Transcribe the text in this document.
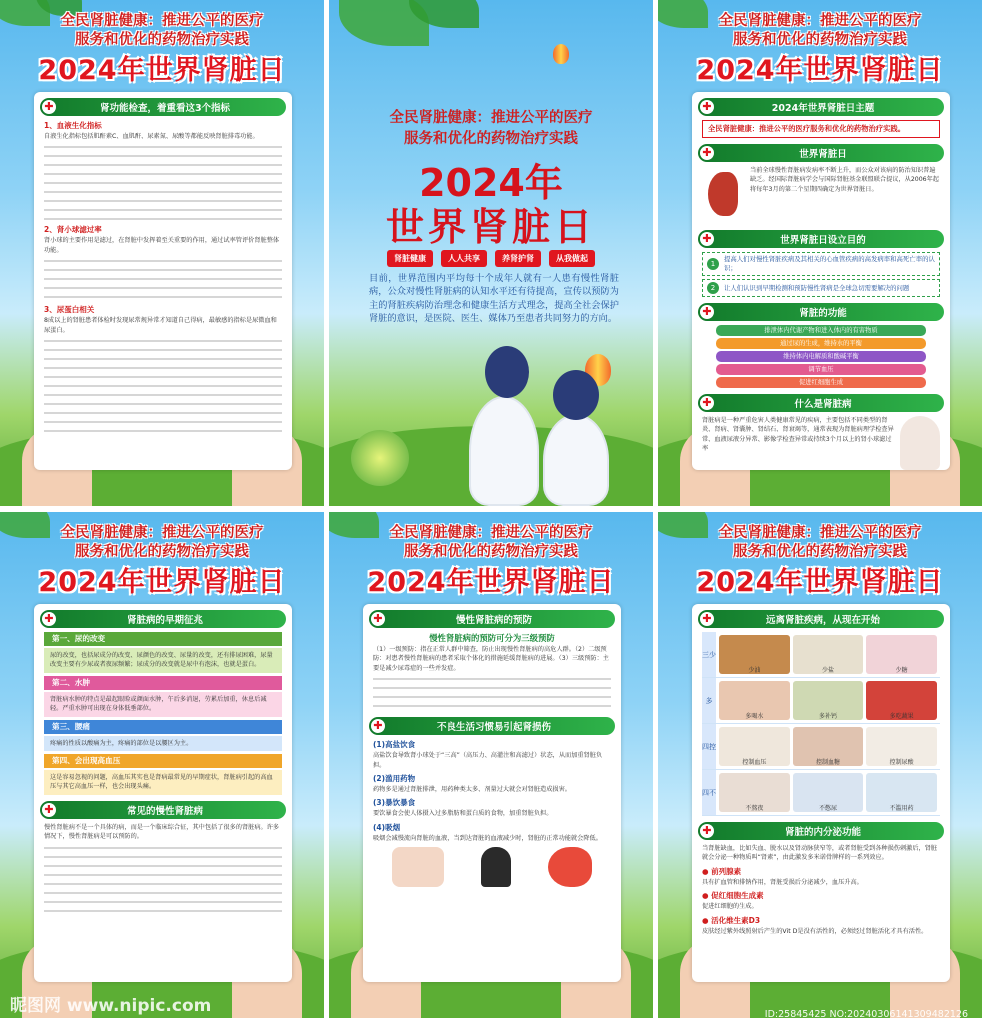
全民肾脏健康：推进公平的医疗
服务和优化的药物治疗实践
2024年世界肾脏日
✚	肾功能检查，着重看这3个指标
1、血液生化指标
自液生化指标包括肌酐素C、血肌酐、尿素氮、尿酸等都能反映肾脏排毒功能。
2、肾小球滤过率
肾小球的主要作用是滤过，在肾脏中发挥着至关重要的作用，通过试率管评价肾脏整体功能。
3、尿蛋白相关
8成以上的肾脏患者体检时发现尿常规异常才知道自己得病，最敏感的指标是尿微血和尿蛋白。
全民肾脏健康：推进公平的医疗
服务和优化的药物治疗实践
2024年
世界肾脏日
肾脏健康	人人共享	养肾护肾	从我做起
目前，世界范围内平均每十个成年人就有一人患有慢性肾脏病，公众对慢性肾脏病的认知水平还有待提高，宣传以预防为主的肾脏疾病防治理念和健康生活方式理念，提高全社会保护肾脏的意识，是医院、医生、媒体乃至患者共同努力的方向。
全民肾脏健康：推进公平的医疗
服务和优化的药物治疗实践
2024年世界肾脏日
✚	2024年世界肾脏日主题
全民肾脏健康：推进公平的医疗服务和优化的药物治疗实践。
✚	世界肾脏日
当前全球慢性肾脏病发病率不断上升，而公众对该病的防治知识普遍缺乏。经国际肾脏病学会与国际肾脏基金联盟联合提议，从2006年起将每年3月的第二个星期四确定为世界肾脏日。
✚	世界肾脏日设立目的
1
提高人们对慢性肾脏疾病及其相关的心血管疾病的高发病率和高死亡率的认识；
2	让人们认识到早期检测和预防慢性肾病是全球急切需要解决的问题
✚	肾脏的功能
排泄体内代谢产物和进入体内的有害物质
通过尿的生成，维持水的平衡
维持体内电解质和酸碱平衡
调节血压
促进红细胞生成
✚	什么是肾脏病
肾脏病是一种严重危害人类健康常见的疾病，主要包括不同类型的肾炎、肾病、肾囊肿、肾结石、肾衰竭等，通常表现为肾脏病理学检查异常、血液尿液分异常、影像学检查异常或持续3个月以上的肾小球滤过率
全民肾脏健康：推进公平的医疗
服务和优化的药物治疗实践
2024年世界肾脏日
✚	肾脏病的早期征兆
第一、尿的改变
尿的改变，也括尿成分的改变、尿颜色的改变、尿量的改变，还有排尿困难，尿量改变主要有少尿或者夜尿频繁；尿成分的改变就是尿中有泡沫，也就是蛋白。
第二、水肿
肾脏病水肿的特点是最起眼睑或颜面水肿，午后多消退，劳累后加重，休息后减轻。严重水肿可出现在身体低垂部位。
第三、腰痛
疼痛的性质以酸痛为主，疼痛的部位是以腰区为主。
第四、会出现高血压
这是容易忽视的问题，高血压其实也是肾病最常见的早期症状，肾脏病引起的高血压与其它高血压一样，也会出现头痛。
✚	常见的慢性肾脏病
慢性肾脏病不是一个具体的病，而是一个临床综合征，其中包括了很多的肾脏病。许多情况下，慢性肾脏病是可以预防的。
全民肾脏健康：推进公平的医疗
服务和优化的药物治疗实践
2024年世界肾脏日
✚	慢性肾脏病的预防
慢性肾脏病的预防可分为三级预防
（1）一级预防：指在正常人群中筛查，防止出现慢性肾脏病的高危人群。（2）二级预防：对患者慢性肾脏病的患者采取个体化的措施延缓肾脏病的进展。（3）三级预防：主要是减少尿毒症的一些并发症。
✚	不良生活习惯易引起肾损伤
(1)高盐饮食
高盐饮食导致肾小球处于“三高”（高压力、高灌注和高滤过）状态，从而加重肾脏负担。
(2)滥用药物
药物多是通过肾脏排泄，用药种类太多、剂量过大就会对肾脏造成损害。
(3)暴饮暴食
要饮暴食会使人体摄入过多脂肪和蛋白质的食物，加重肾脏负担。
(4)吸烟
吸烟会减慢流向肾脏的血液，当到达肾脏的血液减少时，肾脏的正常功能就会降低。
全民肾脏健康：推进公平的医疗
服务和优化的药物治疗实践
2024年世界肾脏日
✚	远离肾脏疾病，从现在开始
三少
少油	少盐	少糖
多
多喝水	多补钙	多吃蔬果
四控
控制血压	控制血糖	控制尿酸
四不
不熬夜	不憋尿	不滥用药
✚	肾脏的内分泌功能
当肾脏缺血，比如失血、脱水以及肾动脉狭窄等，或者肾脏受到各种损伤刺激后，肾脏就会分泌一种物质叫“肾素”，由此激发多米诺骨牌样的一系列效应。
● 前列腺素
具有扩血管和排钠作用，肾脏受损后分泌减少，血压升高。
● 促红细胞生成素
促进红细胞的生成。
● 活化维生素D3
皮肤经过紫外线照射后产生的Vit D是没有活性的，必须经过肾脏活化才具有活性。
昵图网 www.nipic.com	ID:25845425 NO:20240306141309482126
